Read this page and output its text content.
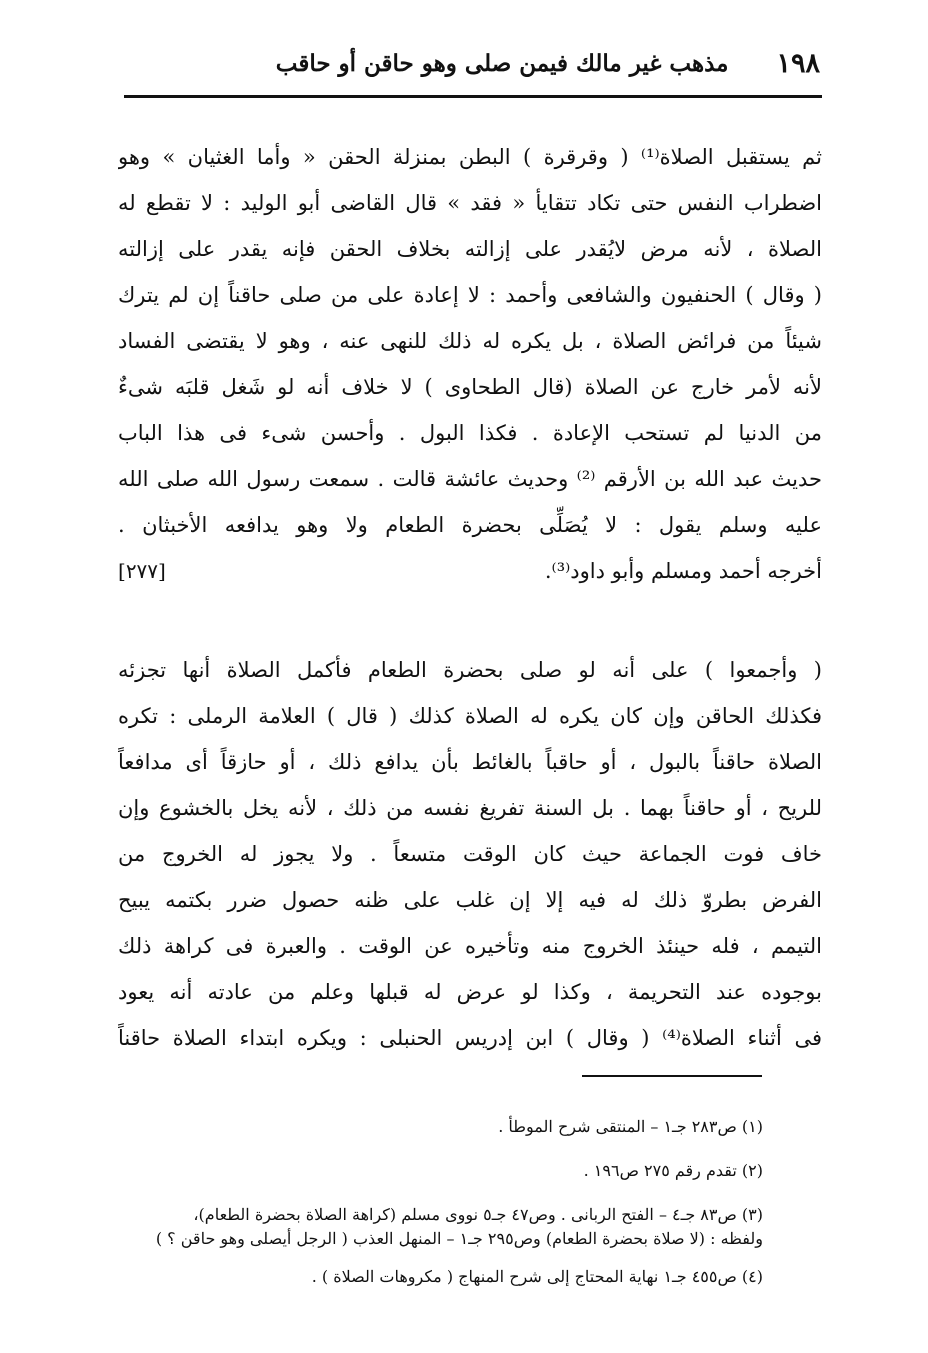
١٩٨
مذهب غير مالك فيمن صلى وهو حاقن أو حاقب
ثم يستقبل الصلاة⁽¹⁾ ( وقرقرة ) البطن بمنزلة الحقن « وأما الغثيان » وهو
اضطراب النفس حتى تكاد تتقايأ « فقد » قال القاضى أبو الوليد : لا تقطع له
الصلاة ، لأنه مرض لايُقدر على إزالته بخلاف الحقن فإنه يقدر على إزالته
( وقال ) الحنفيون والشافعى وأحمد : لا إعادة على من صلى حاقناً إن لم يترك
شيئاً من فرائض الصلاة ، بل يكره له ذلك للنهى عنه ، وهو لا يقتضى الفساد
لأنه لأمر خارج عن الصلاة (قال الطحاوى ) لا خلاف أنه لو شَغل قلبَه شىءٌ
من الدنيا لم تستحب الإعادة . فكذا البول . وأحسن شىء فى هذا الباب
حديث عبد الله بن الأرقم ⁽²⁾ وحديث عائشة قالت . سمعت رسول الله صلى الله
عليه وسلم يقول : لا يُصَلِّى بحضرة الطعام ولا وهو يدافعه الأخبثان .
أخرجه أحمد ومسلم وأبو داود⁽³⁾.
[٢٧٧]
( وأجمعوا ) على أنه لو صلى بحضرة الطعام فأكمل الصلاة أنها تجزئه
فكذلك الحاقن وإن كان يكره له الصلاة كذلك ( قال ) العلامة الرملى : تكره
الصلاة حاقناً بالبول ، أو حاقباً بالغائط بأن يدافع ذلك ، أو حازقاً أى مدافعاً
للريح ، أو حاقناً بهما . بل السنة تفريغ نفسه من ذلك ، لأنه يخل بالخشوع وإن
خاف فوت الجماعة حيث كان الوقت متسعاً . ولا يجوز له الخروج من
الفرض بطروّ ذلك له فيه إلا إن غلب على ظنه حصول ضرر بكتمه يبيح
التيمم ، فله حينئذ الخروج منه وتأخيره عن الوقت . والعبرة فى كراهة ذلك
بوجوده عند التحريمة ، وكذا لو عرض له قبلها وعلم من عادته أنه يعود
فى أثناء الصلاة⁽⁴⁾ ( وقال ) ابن إدريس الحنبلى : ويكره ابتداء الصلاة حاقناً
(١) ص٢٨٣ جـ١ – المنتقى شرح الموطأ .
(٢) تقدم رقم ٢٧٥ ص١٩٦ .
(٣) ص٨٣ جـ٤ – الفتح الربانى . وص٤٧ جـ٥ نووى مسلم (كراهة الصلاة بحضرة الطعام)،
ولفظه : (لا صلاة بحضرة الطعام) وص٢٩٥ جـ١ – المنهل العذب ( الرجل أيصلى وهو حاقن ؟ )
(٤) ص٤٥٥ جـ١ نهاية المحتاج إلى شرح المنهاج ( مكروهات الصلاة ) .
